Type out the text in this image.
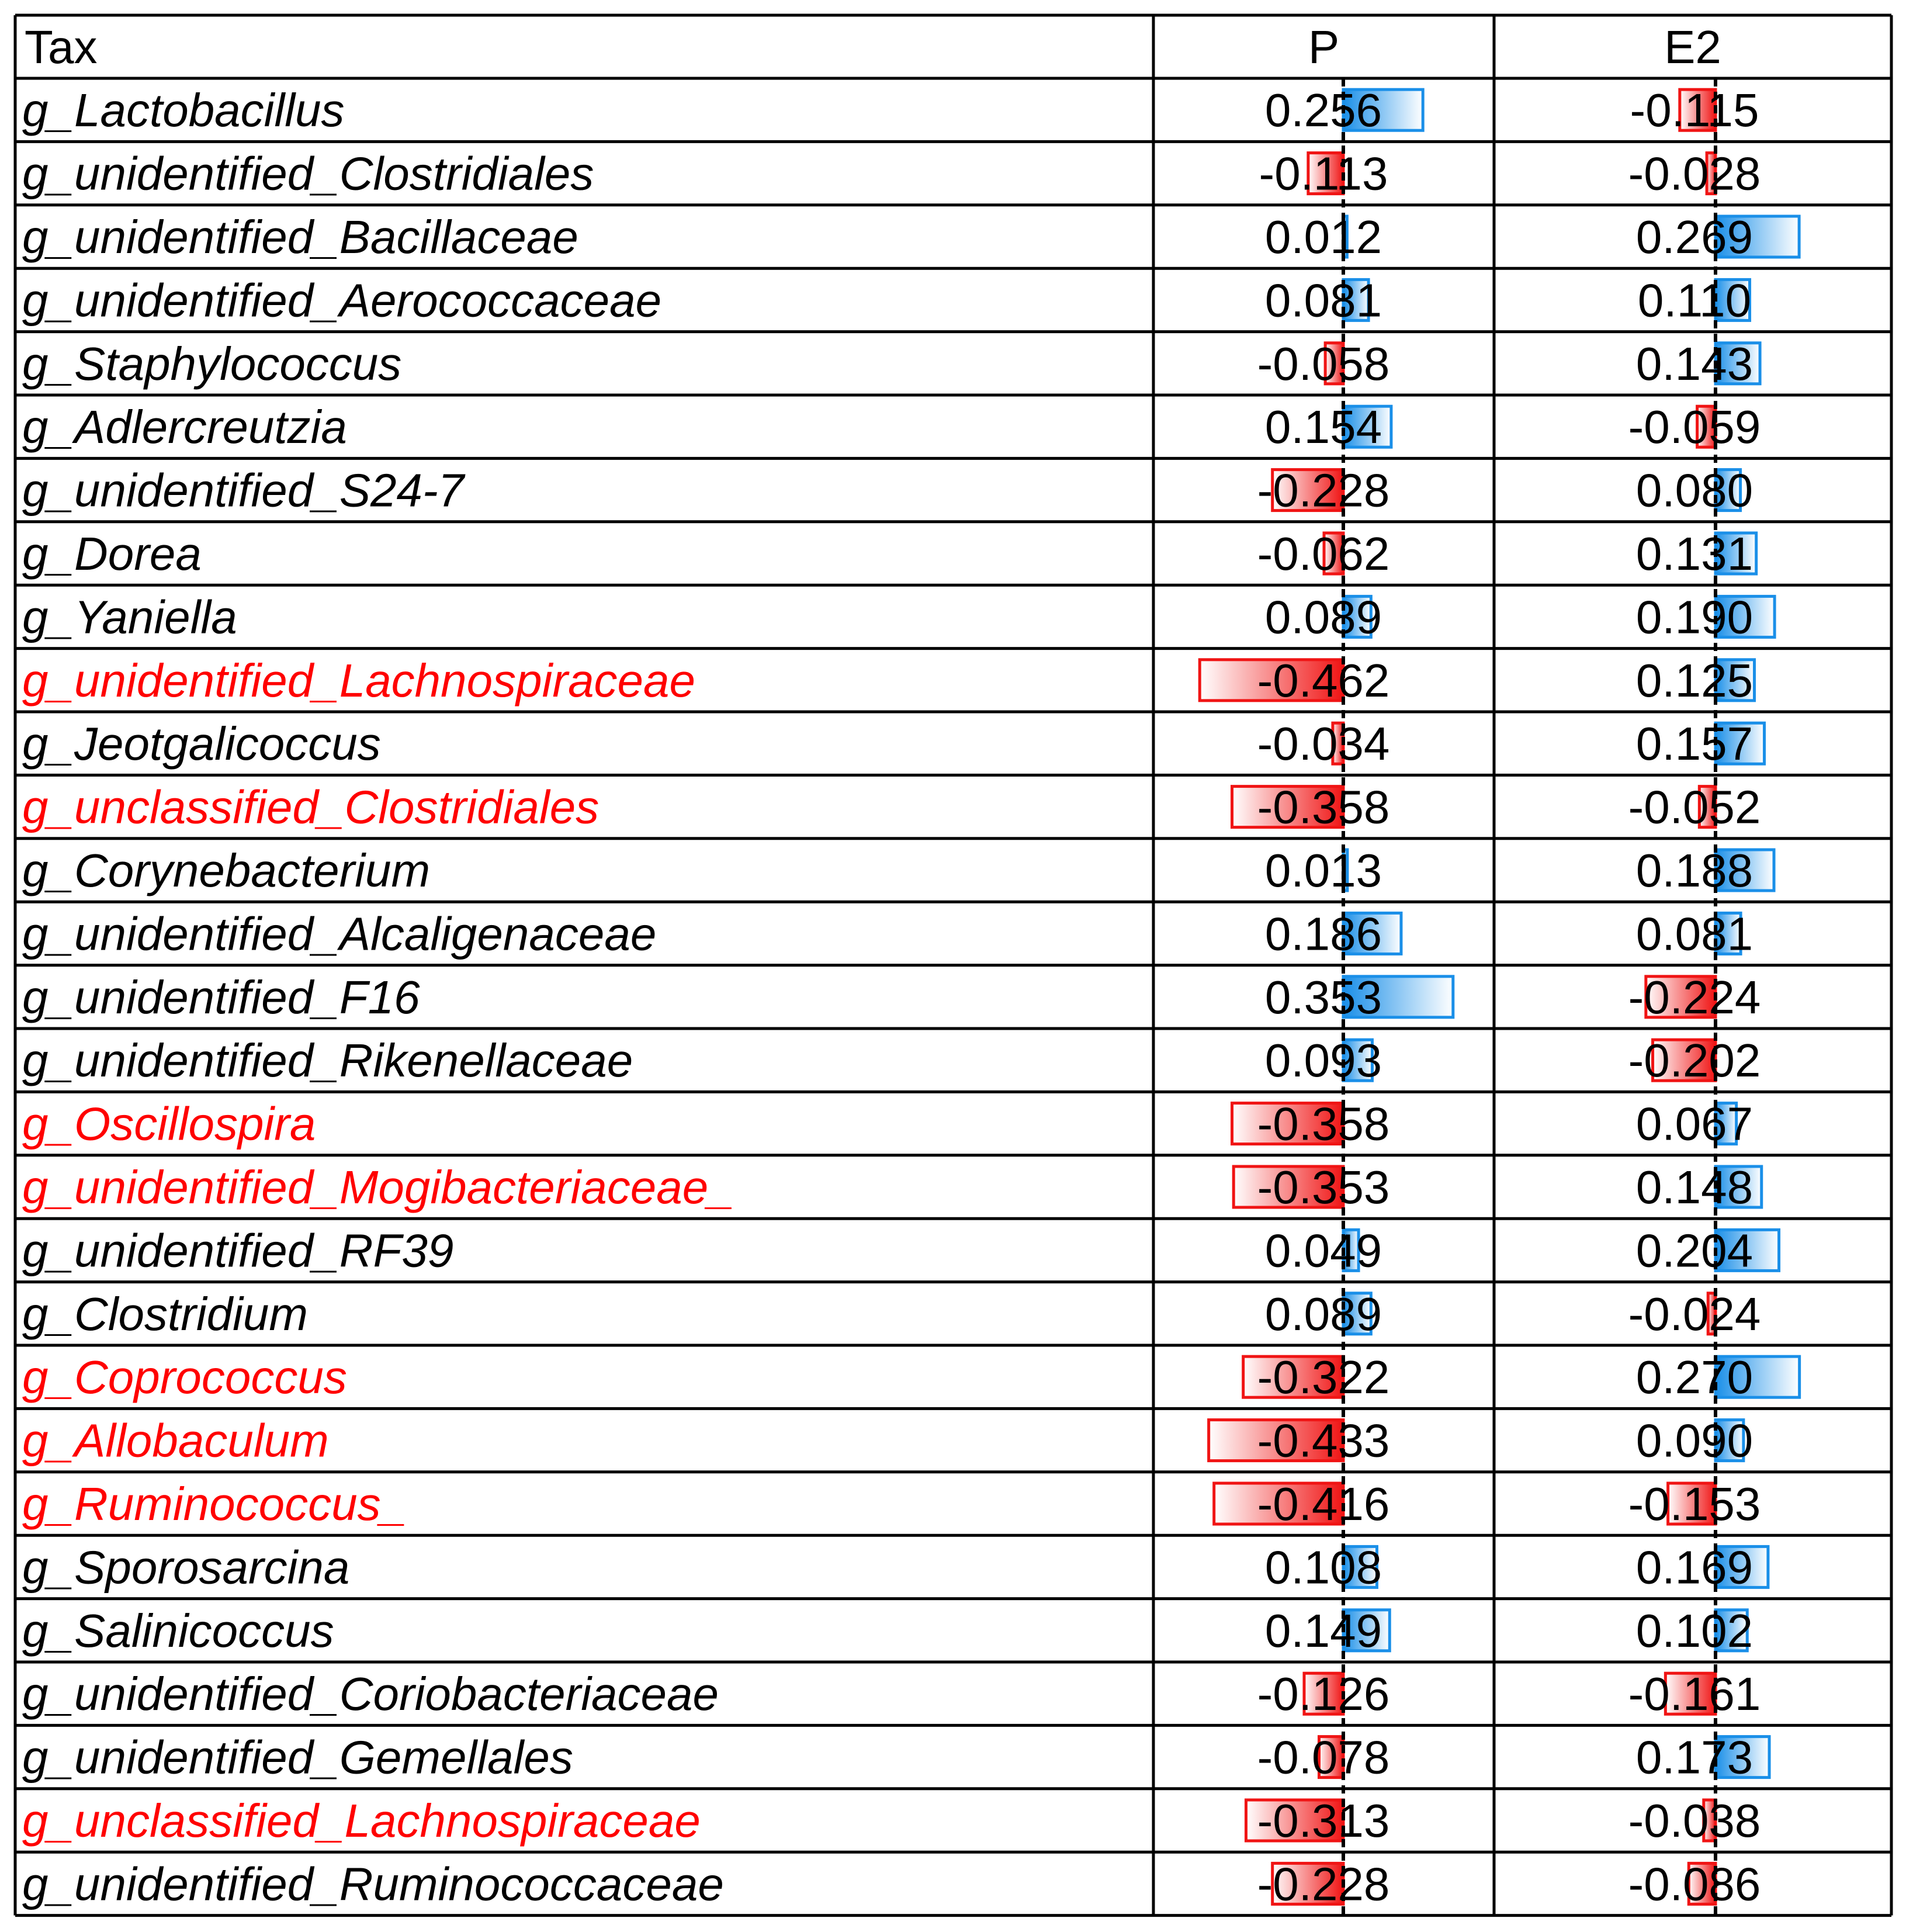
Tax	P	E2
g_Lactobacillus	0.256	-0.115
g_unidentified_Clostridiales	-0.113	-0.028
g_unidentified_Bacillaceae	0.012	0.269
g_unidentified_Aerococcaceae	0.081	0.110
g_Staphylococcus	-0.058	0.143
g_Adlercreutzia	0.154	-0.059
g_unidentified_S24-7	-0.228	0.080
g_Dorea	-0.062	0.131
g_Yaniella	0.089	0.190
g_unidentified_Lachnospiraceae	-0.462	0.125
g_Jeotgalicoccus	-0.034	0.157
g_unclassified_Clostridiales	-0.358	-0.052
g_Corynebacterium	0.013	0.188
g_unidentified_Alcaligenaceae	0.186	0.081
g_unidentified_F16	0.353	-0.224
g_unidentified_Rikenellaceae	0.093	-0.202
g_Oscillospira	-0.358	0.067
g_unidentified_Mogibacteriaceae_	-0.353	0.148
g_unidentified_RF39	0.049	0.204
g_Clostridium	0.089	-0.024
g_Coprococcus	-0.322	0.270
g_Allobaculum	-0.433	0.090
g_Ruminococcus_	-0.416	-0.153
g_Sporosarcina	0.108	0.169
g_Salinicoccus	0.149	0.102
g_unidentified_Coriobacteriaceae	-0.126	-0.161
g_unidentified_Gemellales	-0.078	0.173
g_unclassified_Lachnospiraceae	-0.313	-0.038
g_unidentified_Ruminococcaceae	-0.228	-0.086
